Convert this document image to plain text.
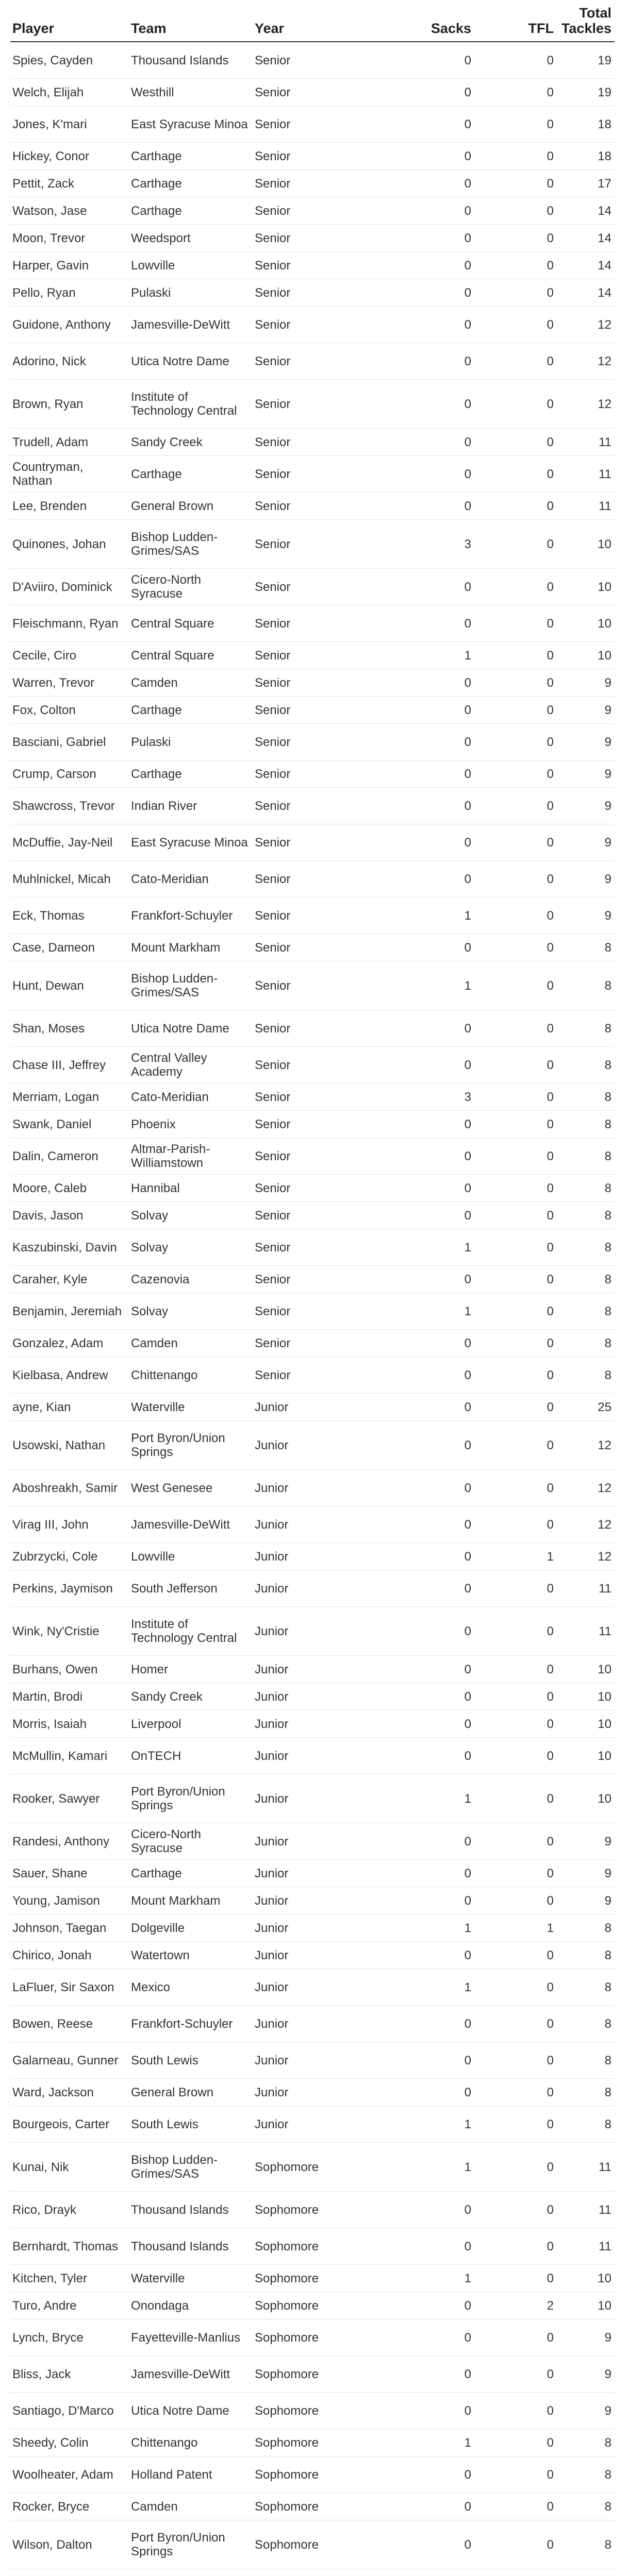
Player	Team	Year	Sacks	TFL	Total Tackles
Spies, Cayden	Thousand Islands	Senior	0	0	19
Welch, Elijah	Westhill	Senior	0	0	19
Jones, K'mari	East Syracuse Minoa	Senior	0	0	18
Hickey, Conor	Carthage	Senior	0	0	18
Pettit, Zack	Carthage	Senior	0	0	17
Watson, Jase	Carthage	Senior	0	0	14
Moon, Trevor	Weedsport	Senior	0	0	14
Harper, Gavin	Lowville	Senior	0	0	14
Pello, Ryan	Pulaski	Senior	0	0	14
Guidone, Anthony	Jamesville-DeWitt	Senior	0	0	12
Adorino, Nick	Utica Notre Dame	Senior	0	0	12
Brown, Ryan	Institute of Technology Central	Senior	0	0	12
Trudell, Adam	Sandy Creek	Senior	0	0	11
Countryman, Nathan	Carthage	Senior	0	0	11
Lee, Brenden	General Brown	Senior	0	0	11
Quinones, Johan	Bishop Ludden-Grimes/SAS	Senior	3	0	10
D'Aviiro, Dominick	Cicero-North Syracuse	Senior	0	0	10
Fleischmann, Ryan	Central Square	Senior	0	0	10
Cecile, Ciro	Central Square	Senior	1	0	10
Warren, Trevor	Camden	Senior	0	0	9
Fox, Colton	Carthage	Senior	0	0	9
Basciani, Gabriel	Pulaski	Senior	0	0	9
Crump, Carson	Carthage	Senior	0	0	9
Shawcross, Trevor	Indian River	Senior	0	0	9
McDuffie, Jay-Neil	East Syracuse Minoa	Senior	0	0	9
Muhlnickel, Micah	Cato-Meridian	Senior	0	0	9
Eck, Thomas	Frankfort-Schuyler	Senior	1	0	9
Case, Dameon	Mount Markham	Senior	0	0	8
Hunt, Dewan	Bishop Ludden-Grimes/SAS	Senior	1	0	8
Shan, Moses	Utica Notre Dame	Senior	0	0	8
Chase III, Jeffrey	Central Valley Academy	Senior	0	0	8
Merriam, Logan	Cato-Meridian	Senior	3	0	8
Swank, Daniel	Phoenix	Senior	0	0	8
Dalin, Cameron	Altmar-Parish-Williamstown	Senior	0	0	8
Moore, Caleb	Hannibal	Senior	0	0	8
Davis, Jason	Solvay	Senior	0	0	8
Kaszubinski, Davin	Solvay	Senior	1	0	8
Caraher, Kyle	Cazenovia	Senior	0	0	8
Benjamin, Jeremiah	Solvay	Senior	1	0	8
Gonzalez, Adam	Camden	Senior	0	0	8
Kielbasa, Andrew	Chittenango	Senior	0	0	8
ayne, Kian	Waterville	Junior	0	0	25
Usowski, Nathan	Port Byron/Union Springs	Junior	0	0	12
Aboshreakh, Samir	West Genesee	Junior	0	0	12
Virag III, John	Jamesville-DeWitt	Junior	0	0	12
Zubrzycki, Cole	Lowville	Junior	0	1	12
Perkins, Jaymison	South Jefferson	Junior	0	0	11
Wink, Ny'Cristie	Institute of Technology Central	Junior	0	0	11
Burhans, Owen	Homer	Junior	0	0	10
Martin, Brodi	Sandy Creek	Junior	0	0	10
Morris, Isaiah	Liverpool	Junior	0	0	10
McMullin, Kamari	OnTECH	Junior	0	0	10
Rooker, Sawyer	Port Byron/Union Springs	Junior	1	0	10
Randesi, Anthony	Cicero-North Syracuse	Junior	0	0	9
Sauer, Shane	Carthage	Junior	0	0	9
Young, Jamison	Mount Markham	Junior	0	0	9
Johnson, Taegan	Dolgeville	Junior	1	1	8
Chirico, Jonah	Watertown	Junior	0	0	8
LaFluer, Sir Saxon	Mexico	Junior	1	0	8
Bowen, Reese	Frankfort-Schuyler	Junior	0	0	8
Galarneau, Gunner	South Lewis	Junior	0	0	8
Ward, Jackson	General Brown	Junior	0	0	8
Bourgeois, Carter	South Lewis	Junior	1	0	8
Kunai, Nik	Bishop Ludden-Grimes/SAS	Sophomore	1	0	11
Rico, Drayk	Thousand Islands	Sophomore	0	0	11
Bernhardt, Thomas	Thousand Islands	Sophomore	0	0	11
Kitchen, Tyler	Waterville	Sophomore	1	0	10
Turo, Andre	Onondaga	Sophomore	0	2	10
Lynch, Bryce	Fayetteville-Manlius	Sophomore	0	0	9
Bliss, Jack	Jamesville-DeWitt	Sophomore	0	0	9
Santiago, D'Marco	Utica Notre Dame	Sophomore	0	0	9
Sheedy, Colin	Chittenango	Sophomore	1	0	8
Woolheater, Adam	Holland Patent	Sophomore	0	0	8
Rocker, Bryce	Camden	Sophomore	0	0	8
Wilson, Dalton	Port Byron/Union Springs	Sophomore	0	0	8
